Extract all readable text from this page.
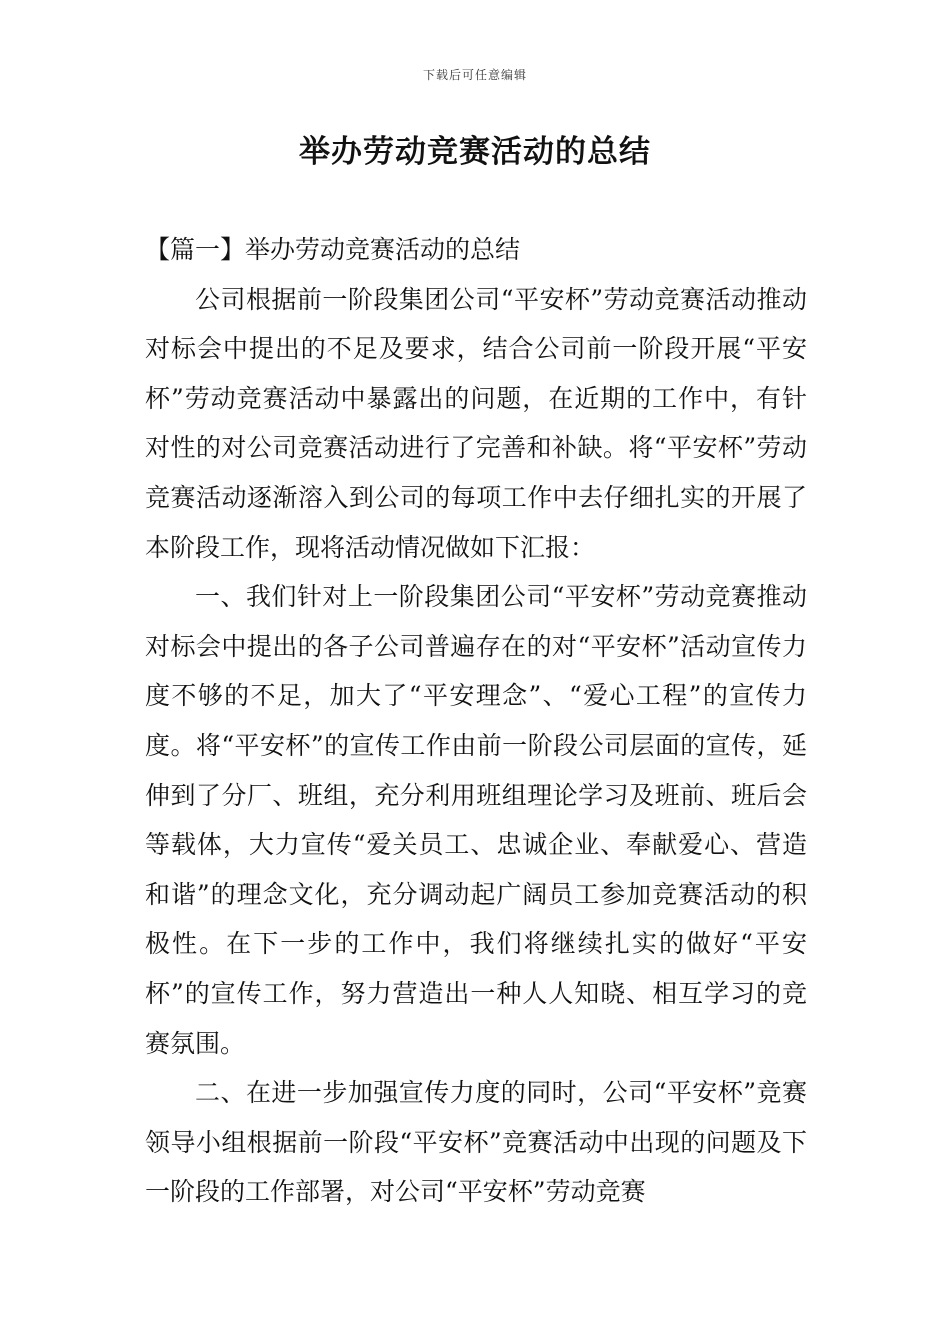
下载后可任意编辑
举办劳动竞赛活动的总结

【篇一】举办劳动竞赛活动的总结

公司根据前一阶段集团公司“平安杯”劳动竞赛活动推动对标会中提出的不足及要求，结合公司前一阶段开展“平安杯”劳动竞赛活动中暴露出的问题，在近期的工作中，有针对性的对公司竞赛活动进行了完善和补缺。将“平安杯”劳动竞赛活动逐渐溶入到公司的每项工作中去仔细扎实的开展了本阶段工作，现将活动情况做如下汇报：

一、我们针对上一阶段集团公司“平安杯”劳动竞赛推动对标会中提出的各子公司普遍存在的对“平安杯”活动宣传力度不够的不足，加大了“平安理念”、“爱心工程”的宣传力度。将“平安杯”的宣传工作由前一阶段公司层面的宣传，延伸到了分厂、班组，充分利用班组理论学习及班前、班后会等载体，大力宣传“爱关员工、忠诚企业、奉献爱心、营造和谐”的理念文化，充分调动起广阔员工参加竞赛活动的积极性。在下一步的工作中，我们将继续扎实的做好“平安杯”的宣传工作，努力营造出一种人人知晓、相互学习的竞赛氛围。

二、在进一步加强宣传力度的同时，公司“平安杯”竞赛领导小组根据前一阶段“平安杯”竞赛活动中出现的问题及下一阶段的工作部署，对公司“平安杯”劳动竞赛
